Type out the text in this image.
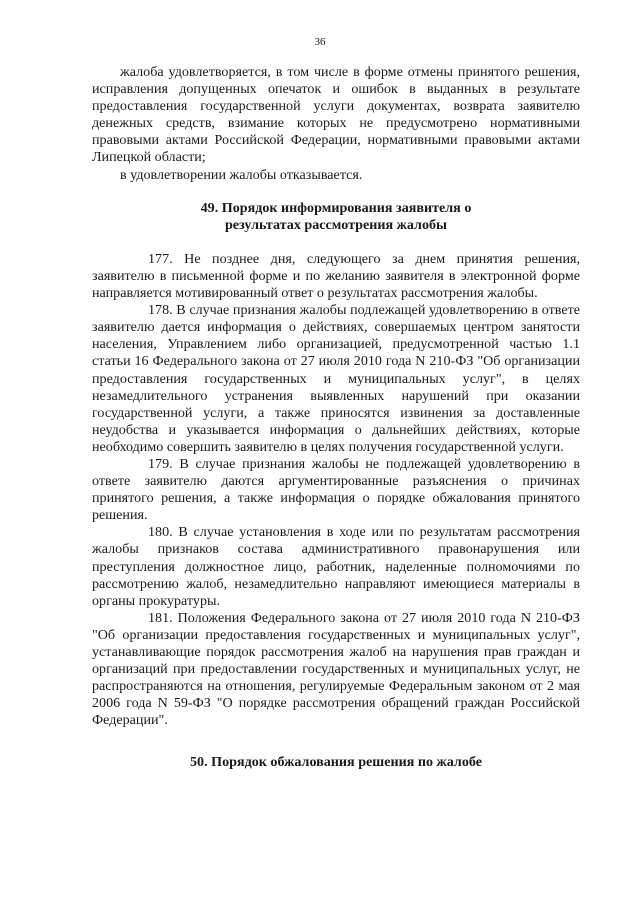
36

жалоба удовлетворяется, в том числе в форме отмены принятого решения, исправления допущенных опечаток и ошибок в выданных в результате предоставления государственной услуги документах, возврата заявителю денежных средств, взимание которых не предусмотрено нормативными правовыми актами Российской Федерации, нормативными правовыми актами Липецкой области;

в удовлетворении жалобы отказывается.

49. Порядок информирования заявителя о
результатах рассмотрения жалобы

177. Не позднее дня, следующего за днем принятия решения, заявителю в письменной форме и по желанию заявителя в электронной форме направляется мотивированный ответ о результатах рассмотрения жалобы.

178. В случае признания жалобы подлежащей удовлетворению в ответе заявителю дается информация о действиях, совершаемых центром занятости населения, Управлением либо организацией, предусмотренной частью 1.1 статьи 16 Федерального закона от 27 июля 2010 года N 210-ФЗ "Об организации предоставления государственных и муниципальных услуг", в целях незамедлительного устранения выявленных нарушений при оказании государственной услуги, а также приносятся извинения за доставленные неудобства и указывается информация о дальнейших действиях, которые необходимо совершить заявителю в целях получения государственной услуги.

179. В случае признания жалобы не подлежащей удовлетворению в ответе заявителю даются аргументированные разъяснения о причинах принятого решения, а также информация о порядке обжалования принятого решения.

180. В случае установления в ходе или по результатам рассмотрения жалобы признаков состава административного правонарушения или преступления должностное лицо, работник, наделенные полномочиями по рассмотрению жалоб, незамедлительно направляют имеющиеся материалы в органы прокуратуры.

181. Положения Федерального закона от 27 июля 2010 года N 210-ФЗ "Об организации предоставления государственных и муниципальных услуг", устанавливающие порядок рассмотрения жалоб на нарушения прав граждан и организаций при предоставлении государственных и муниципальных услуг, не распространяются на отношения, регулируемые Федеральным законом от 2 мая 2006 года N 59-ФЗ "О порядке рассмотрения обращений граждан Российской Федерации".

50. Порядок обжалования решения по жалобе
